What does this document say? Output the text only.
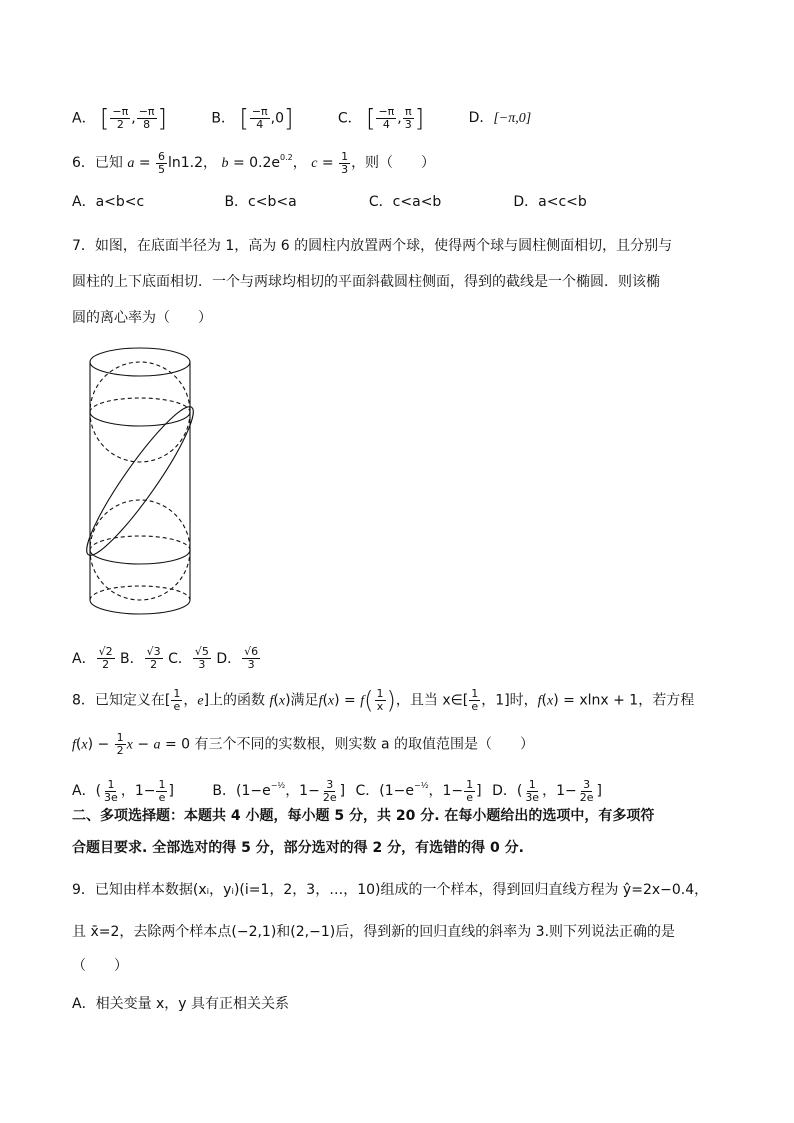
A． [ $\frac{-\pi}{2}$ , $\frac{-\pi}{8}$ ]	B． [ $\frac{-\pi}{4} ,0$]	C． [ $\frac{-\pi}{4}$ , $\frac{\pi}{3}$ ]	D．[−π,0]
6．已知 $a = \frac{6}{5} \ln 1.2$， $b = 0.2e^{0.2}$， $c = \frac{1}{3}$ ，则（　　）
A．a<b<c	B．c<b<a	C．c<a<b	D．a<c<b
7．如图，在底面半径为 1，高为 6 的圆柱内放置两个球，使得两个球与圆柱侧面相切，且分别与
圆柱的上下底面相切．一个与两球均相切的平面斜截圆柱侧面，得到的截线是一个椭圆．则该椭
圆的离心率为（　　）
A． $\frac{√2}{2}$ B． $\frac{√3}{2}$ C． $\frac{√5}{3}$ D． $\frac{√6}{3}$
8．已知定义在[ $\frac{1}{e}$ ，e]上的函数 f(x)满足$f(x) = f( \frac{1}{x}$ )，且当 x∈[ $\frac{1}{e}$ ，1]时，f(x) = xlnx + 1，若方程
$f(x) - \frac{1}{2}$ x − a = 0 有三个不同的实数根，则实数 a 的取值范围是（　　）
A．( $\frac{1}{3e}$ ，$1- \frac{1}{e}$ ]	B．($1-e^{-\frac{1}{2}}$，$1- \frac{3}{2e}$ ] C．($1-e^{-\frac{1}{2}}$，$1- \frac{1}{e}$ ] D．( $\frac{1}{3e}$ ，$1- \frac{3}{2e}$ ]
二、多项选择题：本题共 4 小题，每小题 5 分，共 20 分. 在每小题给出的选项中，有多项符
合题目要求. 全部选对的得 5 分，部分选对的得 2 分，有选错的得 0 分.
9．已知由样本数据(xᵢ，yᵢ)(i=1，2，3，…，10)组成的一个样本，得到回归直线方程为 ŷ=2x−0.4，
且 x̄=2，去除两个样本点(−2,1)和(2,−1)后，得到新的回归直线的斜率为 3.则下列说法正确的是
（　　）
A．相关变量 x，y 具有正相关关系
